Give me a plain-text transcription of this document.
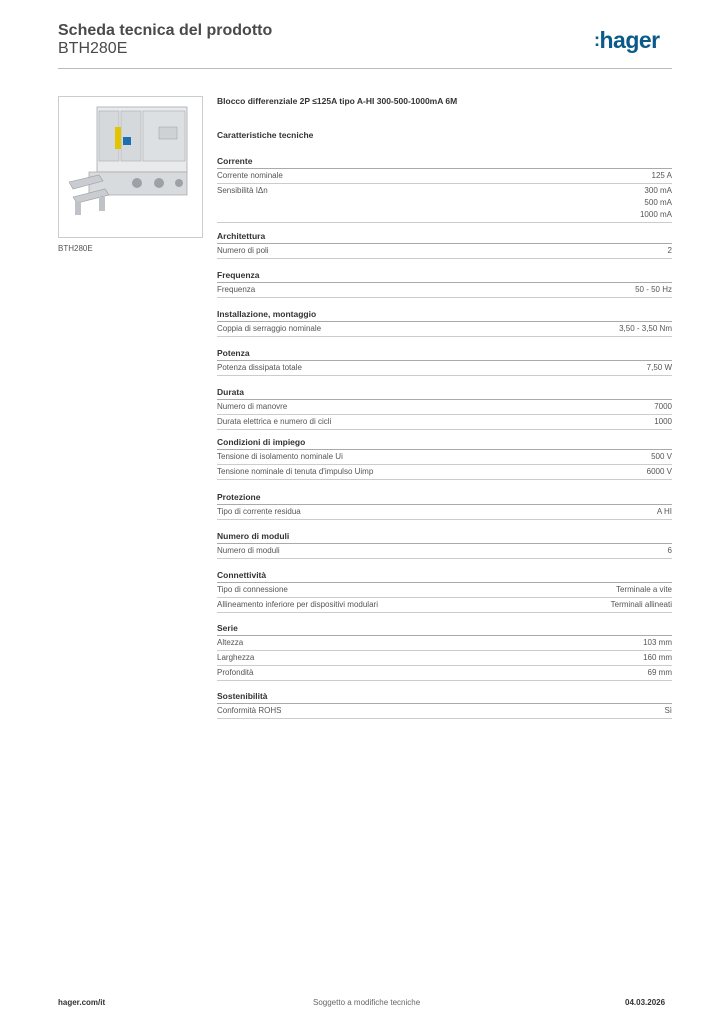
Scheda tecnica del prodotto
BTH280E	:hager
BTH280E
Blocco differenziale 2P ≤125A tipo A-HI 300-500-1000mA 6M
Caratteristiche tecniche
Corrente
Corrente nominale	125 A
Sensibilità IΔn	300 mA
500 mA
1000 mA
Architettura
Numero di poli	2
Frequenza
Frequenza	50 - 50 Hz
Installazione, montaggio
Coppia di serraggio nominale	3,50 - 3,50 Nm
Potenza
Potenza dissipata totale	7,50 W
Durata
Numero di manovre	7000
Durata elettrica e numero di cicli	1000
Condizioni di impiego
Tensione di isolamento nominale Ui	500 V
Tensione nominale di tenuta d'impulso Uimp	6000 V
Protezione
Tipo di corrente residua	A HI
Numero di moduli
Numero di moduli	6
Connettività
Tipo di connessione	Terminale a vite
Allineamento inferiore per dispositivi modulari	Terminali allineati
Serie
Altezza	103 mm
Larghezza	160 mm
Profondità	69 mm
Sostenibilità
Conformità ROHS	Sì
hager.com/it	Soggetto a modifiche tecniche	04.03.2026
